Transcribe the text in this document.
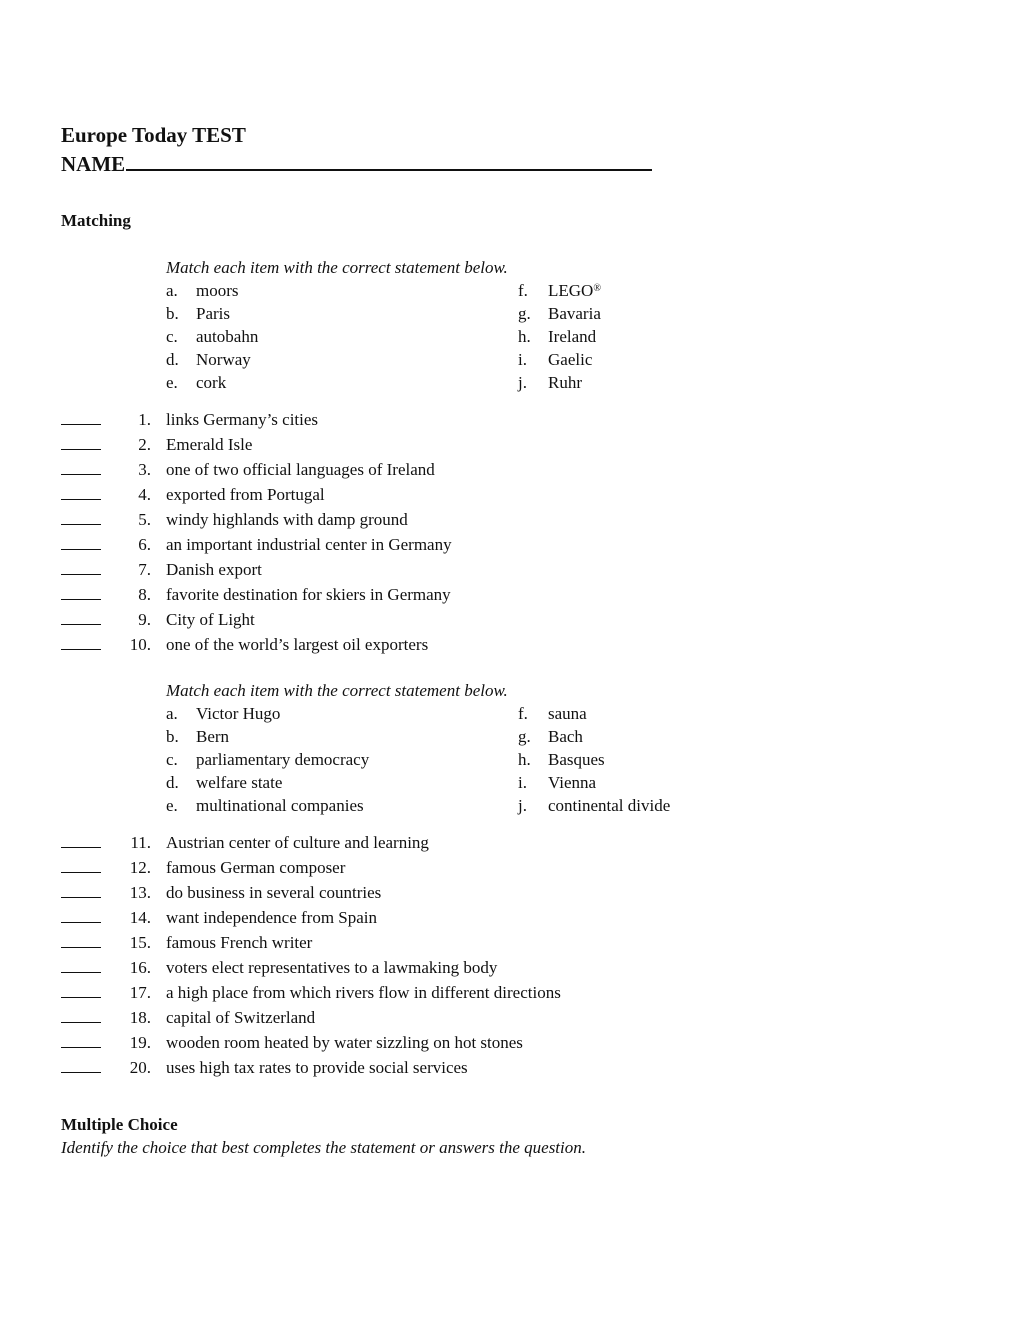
Europe Today TEST
NAME
Matching
Match each item with the correct statement below.
a.	moors	f.	LEGO®
b.	Paris	g.	Bavaria
c.	autobahn	h.	Ireland
d.	Norway	i.	Gaelic
e.	cork	j.	Ruhr
1. links Germany’s cities
2. Emerald Isle
3. one of two official languages of Ireland
4. exported from Portugal
5. windy highlands with damp ground
6. an important industrial center in Germany
7. Danish export
8. favorite destination for skiers in Germany
9. City of Light
10. one of the world’s largest oil exporters
Match each item with the correct statement below.
a.	Victor Hugo	f.	sauna
b.	Bern	g.	Bach
c.	parliamentary democracy	h.	Basques
d.	welfare state	i.	Vienna
e.	multinational companies	j.	continental divide
11. Austrian center of culture and learning
12. famous German composer
13. do business in several countries
14. want independence from Spain
15. famous French writer
16. voters elect representatives to a lawmaking body
17. a high place from which rivers flow in different directions
18. capital of Switzerland
19. wooden room heated by water sizzling on hot stones
20. uses high tax rates to provide social services
Multiple Choice
Identify the choice that best completes the statement or answers the question.
